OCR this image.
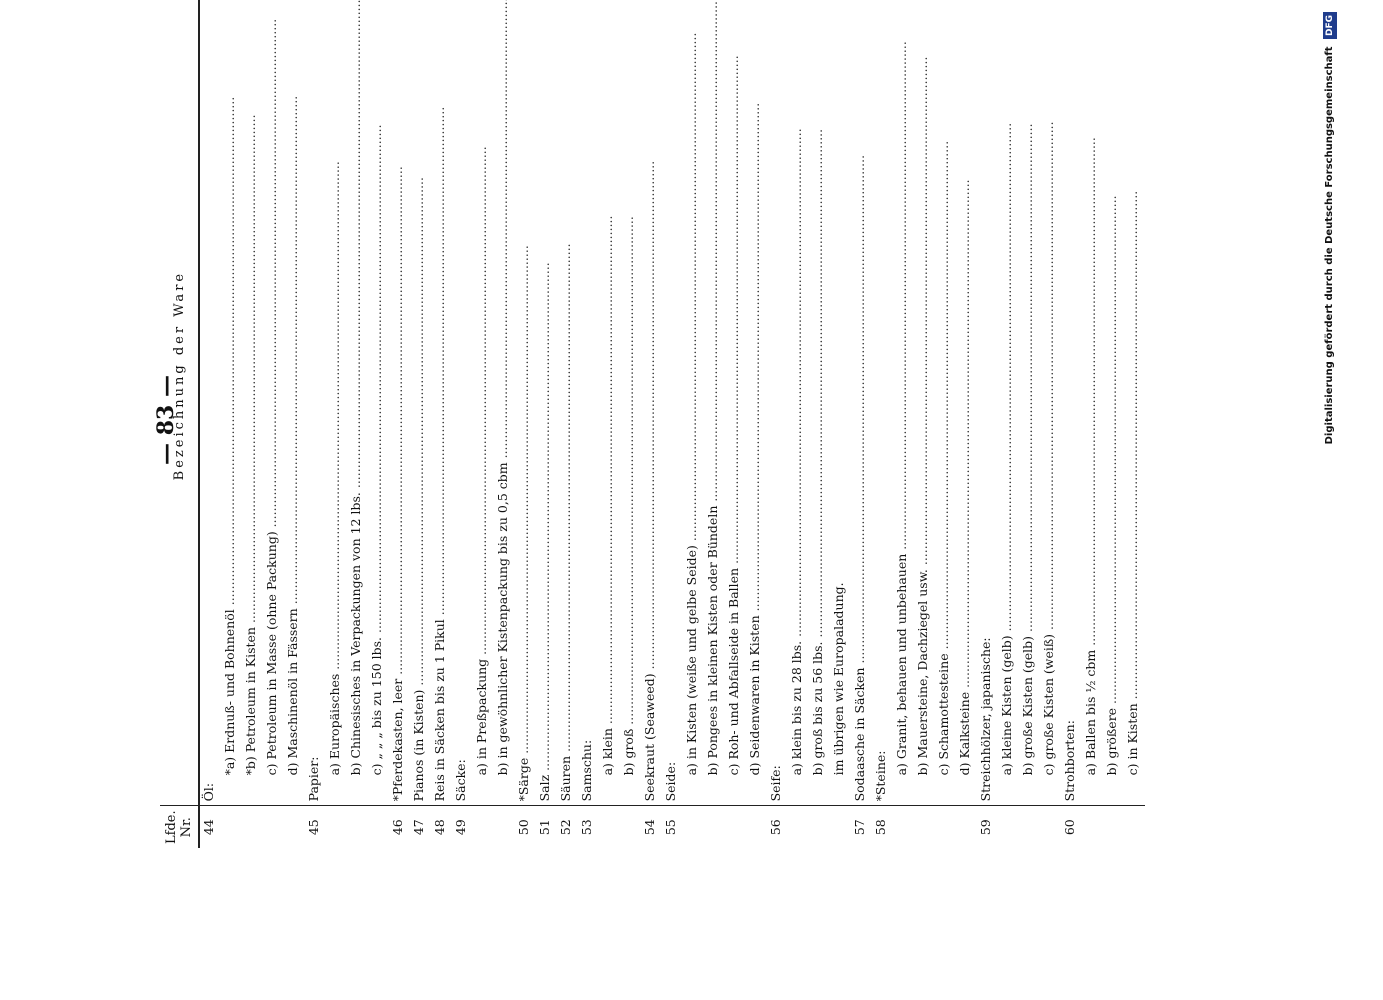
— 83 —
Lfde. Nr.	Bezeichnung der Ware		

44	Öl:		
	*a) Erdnuß- und Bohnenöl .....		
	*b) Petroleum in Kisten .....		
	c) Petroleum in Masse (ohne Packung) .....		
	d) Maschinenöl in Fässern .....		
45	Papier:		
	a) Europäisches .....		
	b) Chinesisches in Verpackungen von 12 lbs. .....		
	c) „ „ „ bis zu 150 lbs. .....		
46	*Pferdekasten, leer .....		
47	Pianos (in Kisten) .....		
48	Reis in Säcken bis zu 1 Pikul .....		
49	Säcke:		
	a) in Preßpackung .....		
	b) in gewöhnlicher Kistenpackung bis zu 0,5 cbm .....		
50	*Särge .....		
51	Salz .....		
52	Säuren .....		
53	Samschu:		
	a) klein .....		
	b) groß .....		
54	Seekraut (Seaweed) .....		
55	Seide:		
	a) in Kisten (weiße und gelbe Seide) .....		
	b) Pongees in kleinen Kisten oder Bündeln .....		
	c) Roh- und Abfallseide in Ballen .....		
	d) Seidenwaren in Kisten .....		
56	Seife:		
	a) klein bis zu 28 lbs. .....		
	b) groß bis zu 56 lbs. .....		
	im übrigen wie Europaladung.		
57	Sodaasche in Säcken .....		
58	*Steine:		
	a) Granit, behauen und unbehauen .....		
	b) Mauersteine, Dachziegel usw. .....		
	c) Schamottesteine .....		
	d) Kalksteine .....		
59	Streichhölzer, japanische:		
	a) kleine Kisten (gelb) .....		
	b) große Kisten (gelb) .....		
	c) große Kisten (weiß) .....		
60	Strohborten:		
	a) Ballen bis ½ cbm .....		
	b) größere .....		
	c) in Kisten .....		
Digitalisierung gefördert durch die Deutsche Forschungsgemeinschaft DFG
